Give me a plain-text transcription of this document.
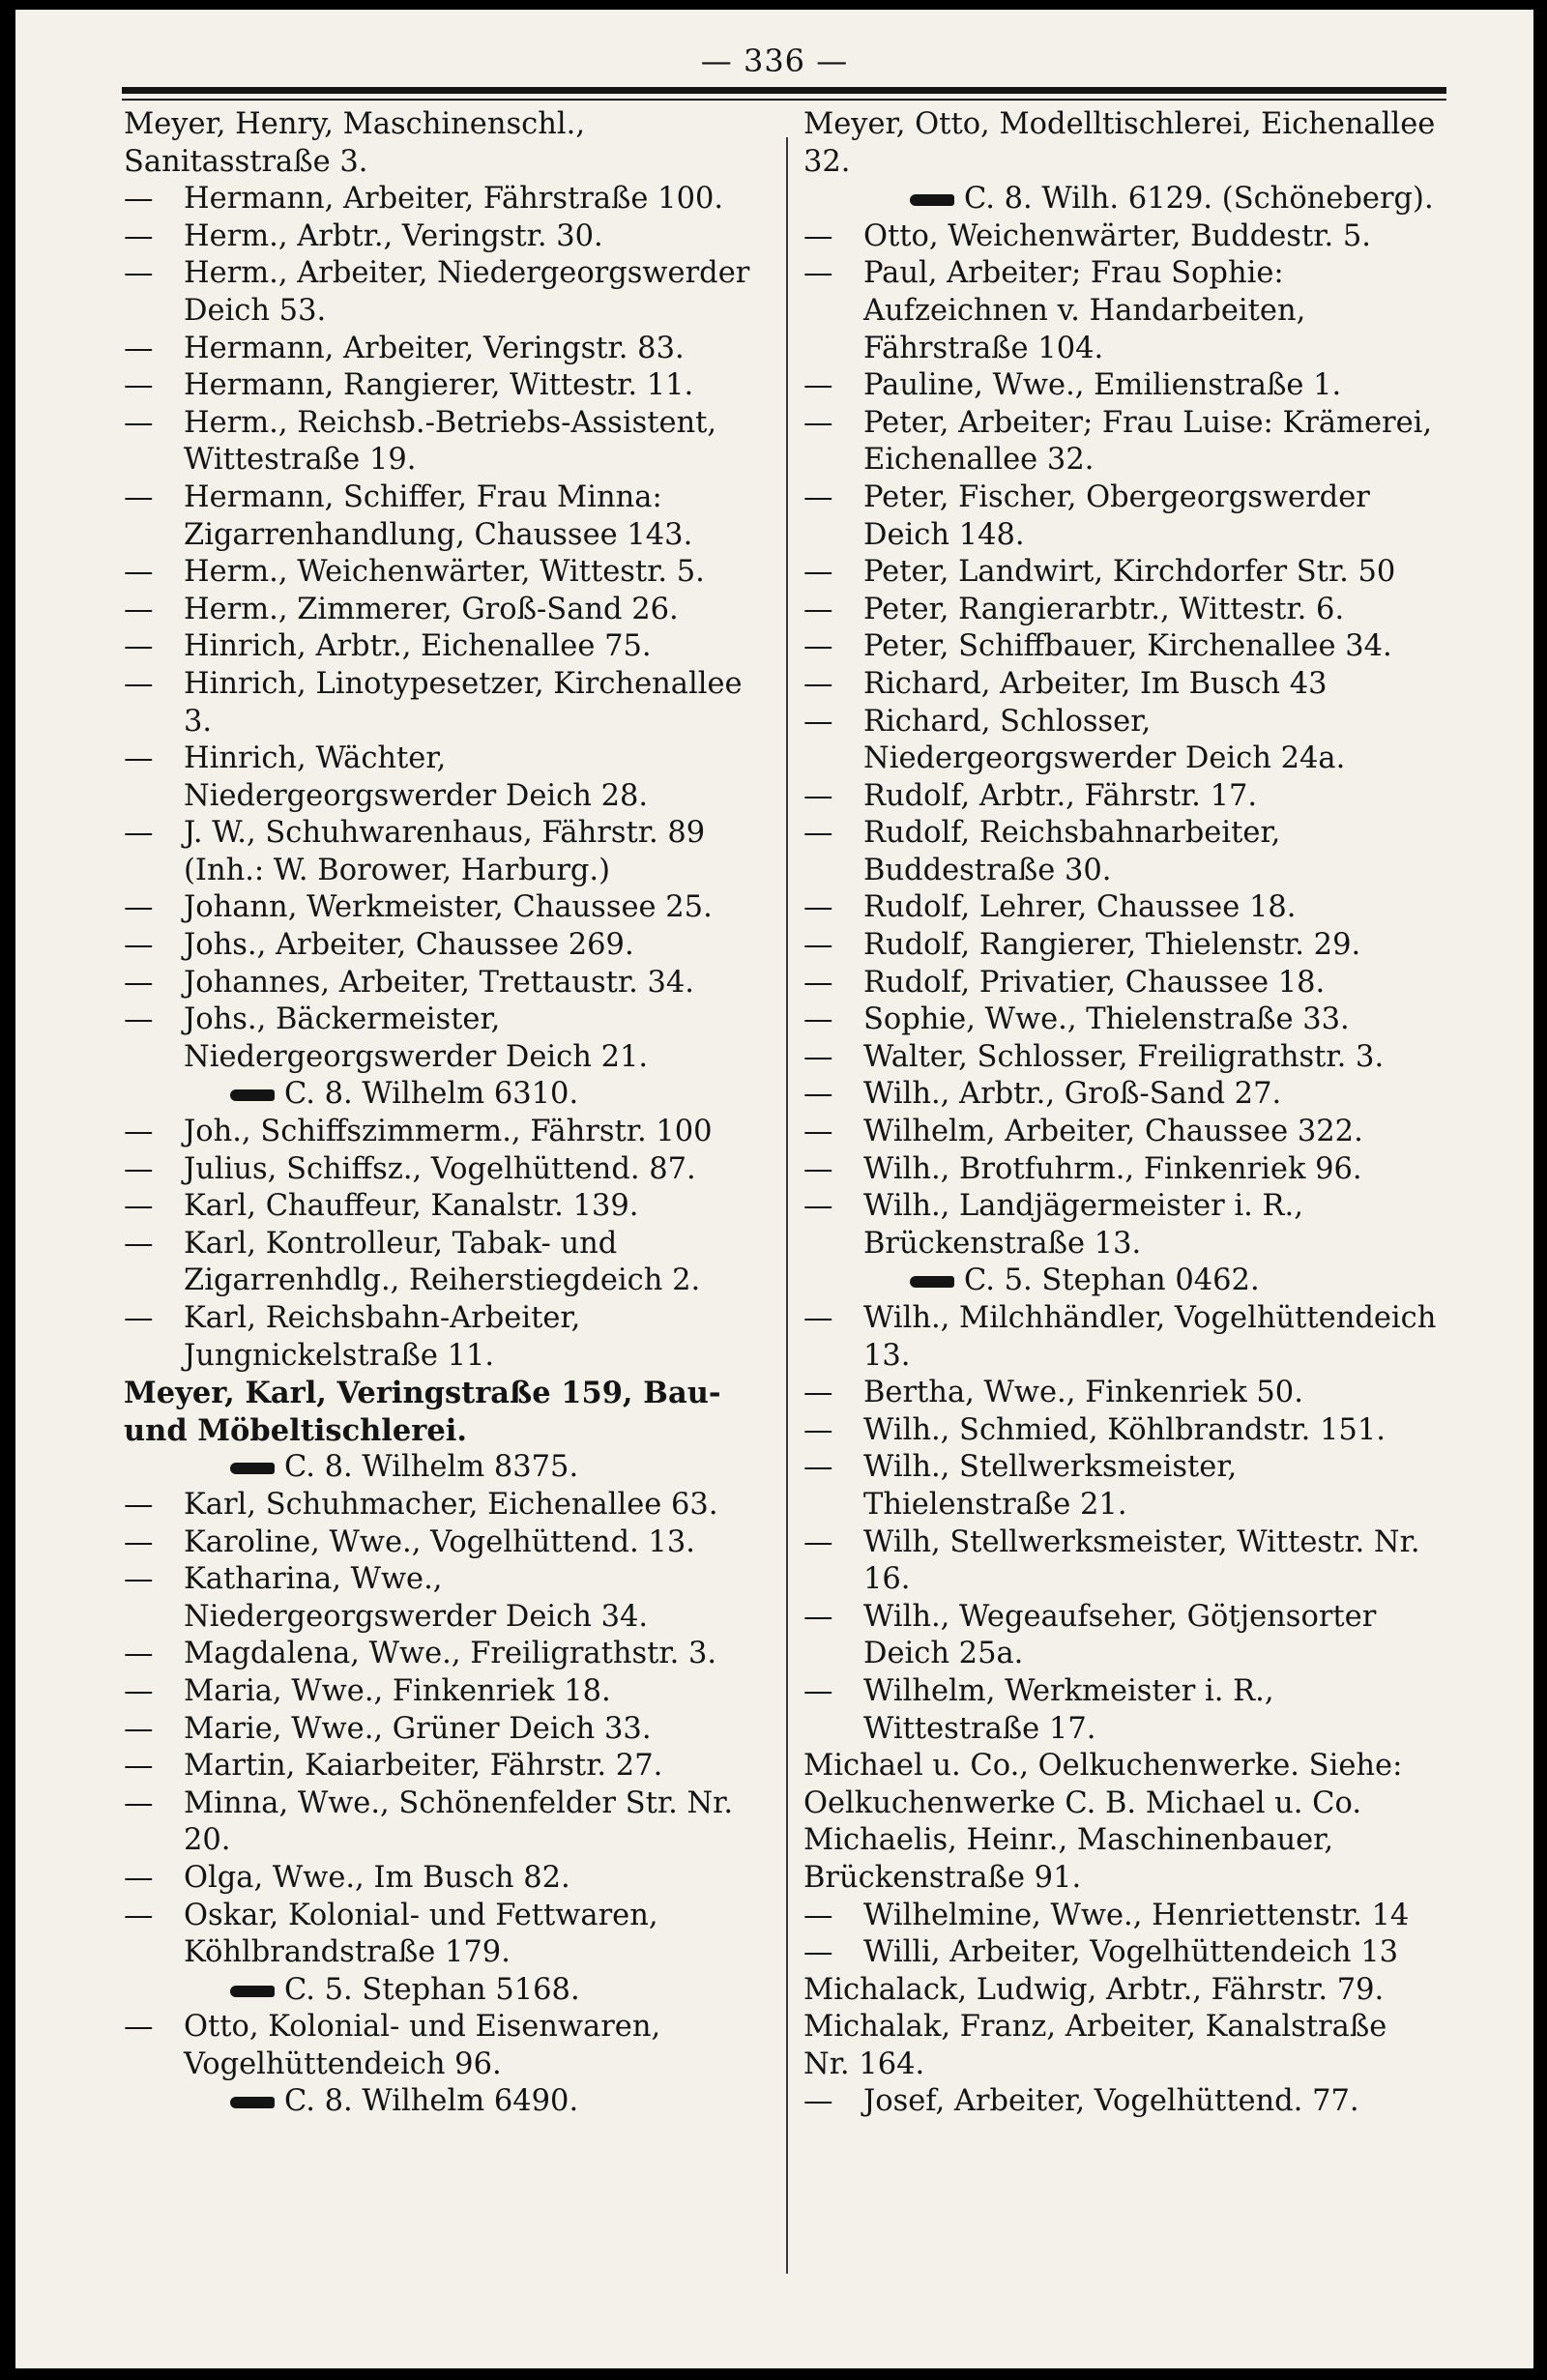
— 336 —
Meyer, Henry, Maschinenschl., Sanitasstraße 3.
— Hermann, Arbeiter, Fährstraße 100.
— Herm., Arbtr., Veringstr. 30.
— Herm., Arbeiter, Niedergeorgswerder Deich 53.
— Hermann, Arbeiter, Veringstr. 83.
— Hermann, Rangierer, Wittestr. 11.
— Herm., Reichsb.-Betriebs-Assistent, Wittestraße 19.
— Hermann, Schiffer, Frau Minna: Zigarrenhandlung, Chaussee 143.
— Herm., Weichenwärter, Wittestr. 5.
— Herm., Zimmerer, Groß-Sand 26.
— Hinrich, Arbtr., Eichenallee 75.
— Hinrich, Linotypesetzer, Kirchenallee 3.
— Hinrich, Wächter, Niedergeorgswerder Deich 28.
— J. W., Schuhwarenhaus, Fährstr. 89 (Inh.: W. Borower, Harburg.)
— Johann, Werkmeister, Chaussee 25.
— Johs., Arbeiter, Chaussee 269.
— Johannes, Arbeiter, Trettaustr. 34.
— Johs., Bäckermeister, Niedergeorgswerder Deich 21.
C. 8. Wilhelm 6310.
— Joh., Schiffszimmerm., Fährstr. 100
— Julius, Schiffsz., Vogelhüttend. 87.
— Karl, Chauffeur, Kanalstr. 139.
— Karl, Kontrolleur, Tabak- und Zigarrenhdlg., Reiherstiegdeich 2.
— Karl, Reichsbahn-Arbeiter, Jungnickelstraße 11.
Meyer, Karl, Veringstraße 159, Bau- und Möbeltischlerei.
C. 8. Wilhelm 8375.
— Karl, Schuhmacher, Eichenallee 63.
— Karoline, Wwe., Vogelhüttend. 13.
— Katharina, Wwe., Niedergeorgswerder Deich 34.
— Magdalena, Wwe., Freiligrathstr. 3.
— Maria, Wwe., Finkenriek 18.
— Marie, Wwe., Grüner Deich 33.
— Martin, Kaiarbeiter, Fährstr. 27.
— Minna, Wwe., Schönenfelder Str. Nr. 20.
— Olga, Wwe., Im Busch 82.
— Oskar, Kolonial- und Fettwaren, Köhlbrandstraße 179.
C. 5. Stephan 5168.
— Otto, Kolonial- und Eisenwaren, Vogelhüttendeich 96.
C. 8. Wilhelm 6490.
Meyer, Otto, Modelltischlerei, Eichenallee 32.
C. 8. Wilh. 6129. (Schöneberg).
— Otto, Weichenwärter, Buddestr. 5.
— Paul, Arbeiter; Frau Sophie: Aufzeichnen v. Handarbeiten, Fährstraße 104.
— Pauline, Wwe., Emilienstraße 1.
— Peter, Arbeiter; Frau Luise: Krämerei, Eichenallee 32.
— Peter, Fischer, Obergeorgswerder Deich 148.
— Peter, Landwirt, Kirchdorfer Str. 50
— Peter, Rangierarbtr., Wittestr. 6.
— Peter, Schiffbauer, Kirchenallee 34.
— Richard, Arbeiter, Im Busch 43
— Richard, Schlosser, Niedergeorgswerder Deich 24a.
— Rudolf, Arbtr., Fährstr. 17.
— Rudolf, Reichsbahnarbeiter, Buddestraße 30.
— Rudolf, Lehrer, Chaussee 18.
— Rudolf, Rangierer, Thielenstr. 29.
— Rudolf, Privatier, Chaussee 18.
— Sophie, Wwe., Thielenstraße 33.
— Walter, Schlosser, Freiligrathstr. 3.
— Wilh., Arbtr., Groß-Sand 27.
— Wilhelm, Arbeiter, Chaussee 322.
— Wilh., Brotfuhrm., Finkenriek 96.
— Wilh., Landjägermeister i. R., Brückenstraße 13.
C. 5. Stephan 0462.
— Wilh., Milchhändler, Vogelhüttendeich 13.
— Bertha, Wwe., Finkenriek 50.
— Wilh., Schmied, Köhlbrandstr. 151.
— Wilh., Stellwerksmeister, Thielenstraße 21.
— Wilh, Stellwerksmeister, Wittestr. Nr. 16.
— Wilh., Wegeaufseher, Götjensorter Deich 25a.
— Wilhelm, Werkmeister i. R., Wittestraße 17.
Michael u. Co., Oelkuchenwerke. Siehe: Oelkuchenwerke C. B. Michael u. Co.
Michaelis, Heinr., Maschinenbauer, Brückenstraße 91.
— Wilhelmine, Wwe., Henriettenstr. 14
— Willi, Arbeiter, Vogelhüttendeich 13
Michalack, Ludwig, Arbtr., Fährstr. 79.
Michalak, Franz, Arbeiter, Kanalstraße Nr. 164.
— Josef, Arbeiter, Vogelhüttend. 77.
